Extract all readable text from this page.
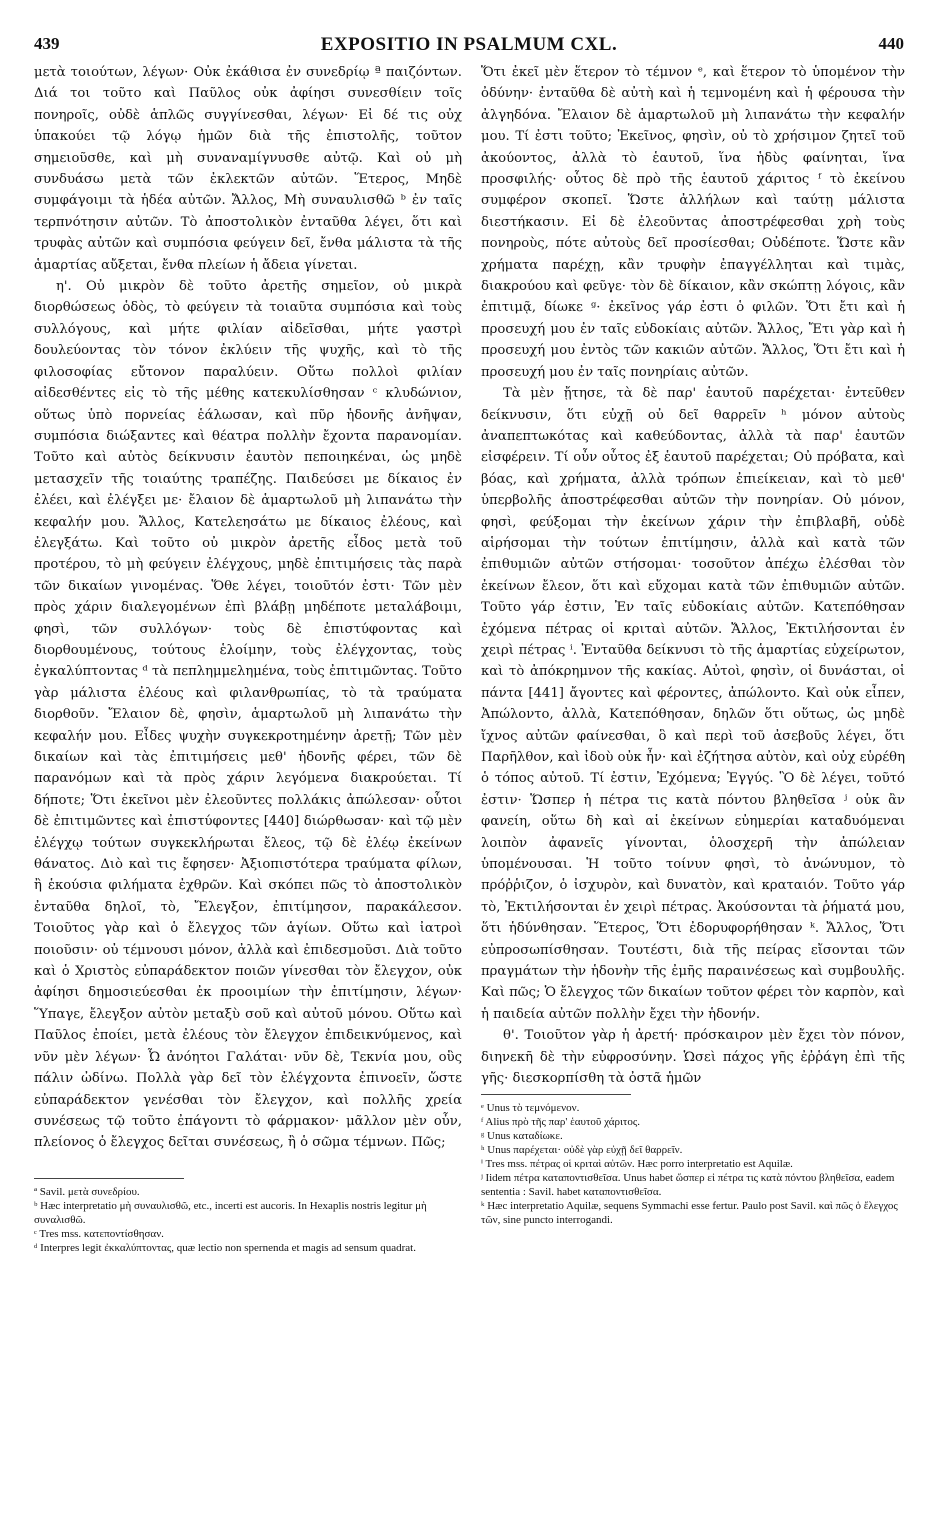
439	EXPOSITIO IN PSALMUM CXL.	440

μετὰ τοιούτων, λέγων· Οὐκ ἐκάθισα ἐν συνεδρίῳ ª παιζόντων. Διά τοι τοῦτο καὶ Παῦλος οὐκ ἀφίησι συνεσθίειν τοῖς πονηροῖς, οὐδὲ ἁπλῶς συγγίνεσθαι, λέγων· Εἰ δέ τις οὐχ ὑπακούει τῷ λόγῳ ἡμῶν διὰ τῆς ἐπιστολῆς, τοῦτον σημειοῦσθε, καὶ μὴ συναναμίγνυσθε αὐτῷ. Καὶ οὐ μὴ συνδυάσω μετὰ τῶν ἐκλεκτῶν αὐτῶν. Ἕτερος, Μηδὲ συμφάγοιμι τὰ ἡδέα αὐτῶν. Ἄλλος, Μὴ συναυλισθῶ ᵇ ἐν ταῖς τερπνότησιν αὐτῶν. Τὸ ἀποστολικὸν ἐνταῦθα λέγει, ὅτι καὶ τρυφὰς αὐτῶν καὶ συμπόσια φεύγειν δεῖ, ἔνθα μάλιστα τὰ τῆς ἁμαρτίας αὔξεται, ἔνθα πλείων ἡ ἄδεια γίνεται.

η'. Οὐ μικρὸν δὲ τοῦτο ἀρετῆς σημεῖον, οὐ μικρὰ διορθώσεως ὁδὸς, τὸ φεύγειν τὰ τοιαῦτα συμπόσια καὶ τοὺς συλλόγους, καὶ μήτε φιλίαν αἰδεῖσθαι, μήτε γαστρὶ δουλεύοντας τὸν τόνον ἐκλύειν τῆς ψυχῆς, καὶ τὸ τῆς φιλοσοφίας εὔτονον παραλύειν. Οὕτω πολλοὶ φιλίαν αἰδεσθέντες εἰς τὸ τῆς μέθης κατεκυλίσθησαν ᶜ κλυδώνιον, οὕτως ὑπὸ πορνείας ἑάλωσαν, καὶ πῦρ ἡδονῆς ἀνῆψαν, συμπόσια διώξαντες καὶ θέατρα πολλὴν ἔχοντα παρανομίαν. Τοῦτο καὶ αὐτὸς δείκνυσιν ἑαυτὸν πεποιηκέναι, ὡς μηδὲ μετασχεῖν τῆς τοιαύτης τραπέζης. Παιδεύσει με δίκαιος ἐν ἐλέει, καὶ ἐλέγξει με· ἔλαιον δὲ ἁμαρτωλοῦ μὴ λιπανάτω τὴν κεφαλήν μου. Ἄλλος, Κατελεησάτω με δίκαιος ἐλέους, καὶ ἐλεγξάτω. Καὶ τοῦτο οὐ μικρὸν ἀρετῆς εἶδος μετὰ τοῦ προτέρου, τὸ μὴ φεύγειν ἐλέγχους, μηδὲ ἐπιτιμήσεις τὰς παρὰ τῶν δικαίων γινομένας. Ὅθε λέγει, τοιοῦτόν ἐστι· Τῶν μὲν πρὸς χάριν διαλεγομένων ἐπὶ βλάβῃ μηδέποτε μεταλάβοιμι, φησὶ, τῶν συλλόγων· τοὺς δὲ ἐπιστύφοντας καὶ διορθουμένους, τούτους ἑλοίμην, τοὺς ἐλέγχοντας, τοὺς ἐγκαλύπτοντας ᵈ τὰ πεπλημμελημένα, τοὺς ἐπιτιμῶντας. Τοῦτο γὰρ μάλιστα ἐλέους καὶ φιλανθρωπίας, τὸ τὰ τραύματα διορθοῦν. Ἔλαιον δὲ, φησὶν, ἁμαρτωλοῦ μὴ λιπανάτω τὴν κεφαλήν μου. Εἶδες ψυχὴν συγκεκροτημένην ἀρετῇ; Τῶν μὲν δικαίων καὶ τὰς ἐπιτιμήσεις μεθ' ἡδονῆς φέρει, τῶν δὲ παρανόμων καὶ τὰ πρὸς χάριν λεγόμενα διακρούεται. Τί δήποτε; Ὅτι ἐκεῖνοι μὲν ἐλεοῦντες πολλάκις ἀπώλεσαν· οὗτοι δὲ ἐπιτιμῶντες καὶ ἐπιστύφοντες [440] διώρθωσαν· καὶ τῷ μὲν ἐλέγχῳ τούτων συγκεκλήρωται ἔλεος, τῷ δὲ ἐλέῳ ἐκείνων θάνατος. Διὸ καὶ τις ἔφησεν· Ἀξιοπιστότερα τραύματα φίλων, ἢ ἑκούσια φιλήματα ἐχθρῶν. Καὶ σκόπει πῶς τὸ ἀποστολικὸν ἐνταῦθα δηλοῖ, τὸ, Ἔλεγξον, ἐπιτίμησον, παρακάλεσον. Τοιοῦτος γὰρ καὶ ὁ ἔλεγχος τῶν ἁγίων. Οὕτω καὶ ἰατροὶ ποιοῦσιν· οὐ τέμνουσι μόνον, ἀλλὰ καὶ ἐπιδεσμοῦσι. Διὰ τοῦτο καὶ ὁ Χριστὸς εὐπαράδεκτον ποιῶν γίνεσθαι τὸν ἔλεγχον, οὐκ ἀφίησι δημοσιεύεσθαι ἐκ προοιμίων τὴν ἐπιτίμησιν, λέγων· Ὕπαγε, ἔλεγξον αὐτὸν μεταξὺ σοῦ καὶ αὐτοῦ μόνου. Οὕτω καὶ Παῦλος ἐποίει, μετὰ ἐλέους τὸν ἔλεγχον ἐπιδεικνύμενος, καὶ νῦν μὲν λέγων· Ὦ ἀνόητοι Γαλάται· νῦν δὲ, Τεκνία μου, οὓς πάλιν ὠδίνω. Πολλὰ γὰρ δεῖ τὸν ἐλέγχοντα ἐπινοεῖν, ὥστε εὐπαράδεκτον γενέσθαι τὸν ἔλεγχον, καὶ πολλῆς χρεία συνέσεως τῷ τοῦτο ἐπάγοντι τὸ φάρμακον· μᾶλλον μὲν οὖν, πλείονος ὁ ἔλεγχος δεῖται συνέσεως, ἢ ὁ σῶμα τέμνων. Πῶς;

ª Savil. μετὰ συνεδρίου.
ᵇ Hæc interpretatio μὴ συναυλισθῶ, etc., incerti est aucoris. In Hexaplis nostris legitur μὴ συναλισθῶ.
ᶜ Tres mss. κατεποντίσθησαν.
ᵈ Interpres legit ἐκκαλύπτοντας, quæ lectio non spernenda et magis ad sensum quadrat.

Ὅτι ἐκεῖ μὲν ἕτερον τὸ τέμνον ᵉ, καὶ ἕτερον τὸ ὑπομένον τὴν ὀδύνην· ἐνταῦθα δὲ αὐτὴ καὶ ἡ τεμνομένη καὶ ἡ φέρουσα τὴν ἀλγηδόνα. Ἔλαιον δὲ ἁμαρτωλοῦ μὴ λιπανάτω τὴν κεφαλήν μου. Τί ἐστι τοῦτο; Ἐκεῖνος, φησὶν, οὐ τὸ χρήσιμον ζητεῖ τοῦ ἀκούοντος, ἀλλὰ τὸ ἑαυτοῦ, ἵνα ἡδὺς φαίνηται, ἵνα προσφιλής· οὗτος δὲ πρὸ τῆς ἑαυτοῦ χάριτος ᶠ τὸ ἐκείνου συμφέρον σκοπεῖ. Ὥστε ἀλλήλων καὶ ταύτῃ μάλιστα διεστήκασιν. Εἰ δὲ ἐλεοῦντας ἀποστρέφεσθαι χρὴ τοὺς πονηροὺς, πότε αὐτοὺς δεῖ προσίεσθαι; Οὐδέποτε. Ὥστε κἂν χρήματα παρέχῃ, κἂν τρυφὴν ἐπαγγέλληται καὶ τιμὰς, διακρούου καὶ φεῦγε· τὸν δὲ δίκαιον, κἂν σκώπτῃ λόγοις, κἂν ἐπιτιμᾷ, δίωκε ᵍ· ἐκεῖνος γάρ ἐστι ὁ φιλῶν. Ὅτι ἔτι καὶ ἡ προσευχή μου ἐν ταῖς εὐδοκίαις αὐτῶν. Ἄλλος, Ἔτι γὰρ καὶ ἡ προσευχή μου ἐντὸς τῶν κακιῶν αὐτῶν. Ἄλλος, Ὅτι ἔτι καὶ ἡ προσευχή μου ἐν ταῖς πονηρίαις αὐτῶν.

Τὰ μὲν ᾔτησε, τὰ δὲ παρ' ἑαυτοῦ παρέχεται· ἐντεῦθεν δείκνυσιν, ὅτι εὐχῇ οὐ δεῖ θαρρεῖν ʰ μόνον αὐτοὺς ἀναπεπτωκότας καὶ καθεύδοντας, ἀλλὰ τὰ παρ' ἑαυτῶν εἰσφέρειν. Τί οὖν οὗτος ἐξ ἑαυτοῦ παρέχεται; Οὐ πρόβατα, καὶ βόας, καὶ χρήματα, ἀλλὰ τρόπων ἐπιείκειαν, καὶ τὸ μεθ' ὑπερβολῆς ἀποστρέφεσθαι αὐτῶν τὴν πονηρίαν. Οὐ μόνον, φησὶ, φεύξομαι τὴν ἐκείνων χάριν τὴν ἐπιβλαβῆ, οὐδὲ αἱρήσομαι τὴν τούτων ἐπιτίμησιν, ἀλλὰ καὶ κατὰ τῶν ἐπιθυμιῶν αὐτῶν στήσομαι· τοσοῦτον ἀπέχω ἐλέσθαι τὸν ἐκείνων ἔλεον, ὅτι καὶ εὔχομαι κατὰ τῶν ἐπιθυμιῶν αὐτῶν. Τοῦτο γάρ ἐστιν, Ἐν ταῖς εὐδοκίαις αὐτῶν. Κατεπόθησαν ἐχόμενα πέτρας οἱ κριταὶ αὐτῶν. Ἄλλος, Ἐκτιλήσονται ἐν χειρὶ πέτρας ⁱ. Ἐνταῦθα δείκνυσι τὸ τῆς ἁμαρτίας εὐχείρωτον, καὶ τὸ ἀπόκρημνον τῆς κακίας. Αὐτοὶ, φησὶν, οἱ δυνάσται, οἱ πάντα [441] ἄγοντες καὶ φέροντες, ἀπώλοντο. Καὶ οὐκ εἶπεν, Ἀπώλοντο, ἀλλὰ, Κατεπόθησαν, δηλῶν ὅτι οὕτως, ὡς μηδὲ ἴχνος αὐτῶν φαίνεσθαι, ὃ καὶ περὶ τοῦ ἀσεβοῦς λέγει, ὅτι Παρῆλθον, καὶ ἰδοὺ οὐκ ἦν· καὶ ἐζήτησα αὐτὸν, καὶ οὐχ εὑρέθη ὁ τόπος αὐτοῦ. Τί ἐστιν, Ἐχόμενα; Ἐγγύς. Ὃ δὲ λέγει, τοῦτό ἐστιν· Ὥσπερ ἡ πέτρα τις κατὰ πόντου βληθεῖσα ʲ οὐκ ἂν φανείη, οὕτω δὴ καὶ αἱ ἐκείνων εὐημερίαι καταδυόμεναι λοιπὸν ἀφανεῖς γίνονται, ὁλοσχερῆ τὴν ἀπώλειαν ὑπομένουσαι. Ἡ τοῦτο τοίνυν φησὶ, τὸ ἀνώνυμον, τὸ πρόῤῥιζον, ὁ ἰσχυρὸν, καὶ δυνατὸν, καὶ κραταιόν. Τοῦτο γάρ τὸ, Ἐκτιλήσονται ἐν χειρὶ πέτρας. Ἀκούσονται τὰ ῥήματά μου, ὅτι ἡδύνθησαν. Ἕτερος, Ὅτι ἐδορυφορήθησαν ᵏ. Ἄλλος, Ὅτι εὐπροσωπίσθησαν. Τουτέστι, διὰ τῆς πείρας εἴσονται τῶν πραγμάτων τὴν ἡδονὴν τῆς ἐμῆς παραινέσεως καὶ συμβουλῆς. Καὶ πῶς; Ὁ ἔλεγχος τῶν δικαίων τοῦτον φέρει τὸν καρπὸν, καὶ ἡ παιδεία αὐτῶν πολλὴν ἔχει τὴν ἡδονήν.

θ'. Τοιοῦτον γὰρ ἡ ἀρετή· πρόσκαιρον μὲν ἔχει τὸν πόνον, διηνεκῆ δὲ τὴν εὐφροσύνην. Ὡσεὶ πάχος γῆς ἐῤῥάγη ἐπὶ τῆς γῆς· διεσκορπίσθη τὰ ὀστᾶ ἡμῶν

ᵉ Unus τὸ τεμνόμενον.
ᶠ Alius πρὸ τῆς παρ' ἑαυτοῦ χάριτος.
ᵍ Unus καταδίωκε.
ʰ Unus παρέχεται· οὐδὲ γὰρ εὐχῇ δεῖ θαρρεῖν.
ⁱ Tres mss. πέτρας οἱ κριταὶ αὐτῶν. Hæc porro interpretatio est Aquilæ.
ʲ Iidem πέτρα καταποντισθεῖσα. Unus habet ὥσπερ εἰ πέτρα τις κατὰ πόντου βληθεῖσα, eadem sententia : Savil. habet καταποντισθεῖσα.
ᵏ Hæc interpretatio Aquilæ, sequens Symmachi esse fertur. Paulo post Savil. καὶ πῶς ὁ ἔλεγχος τῶν, sine puncto interrogandi.
